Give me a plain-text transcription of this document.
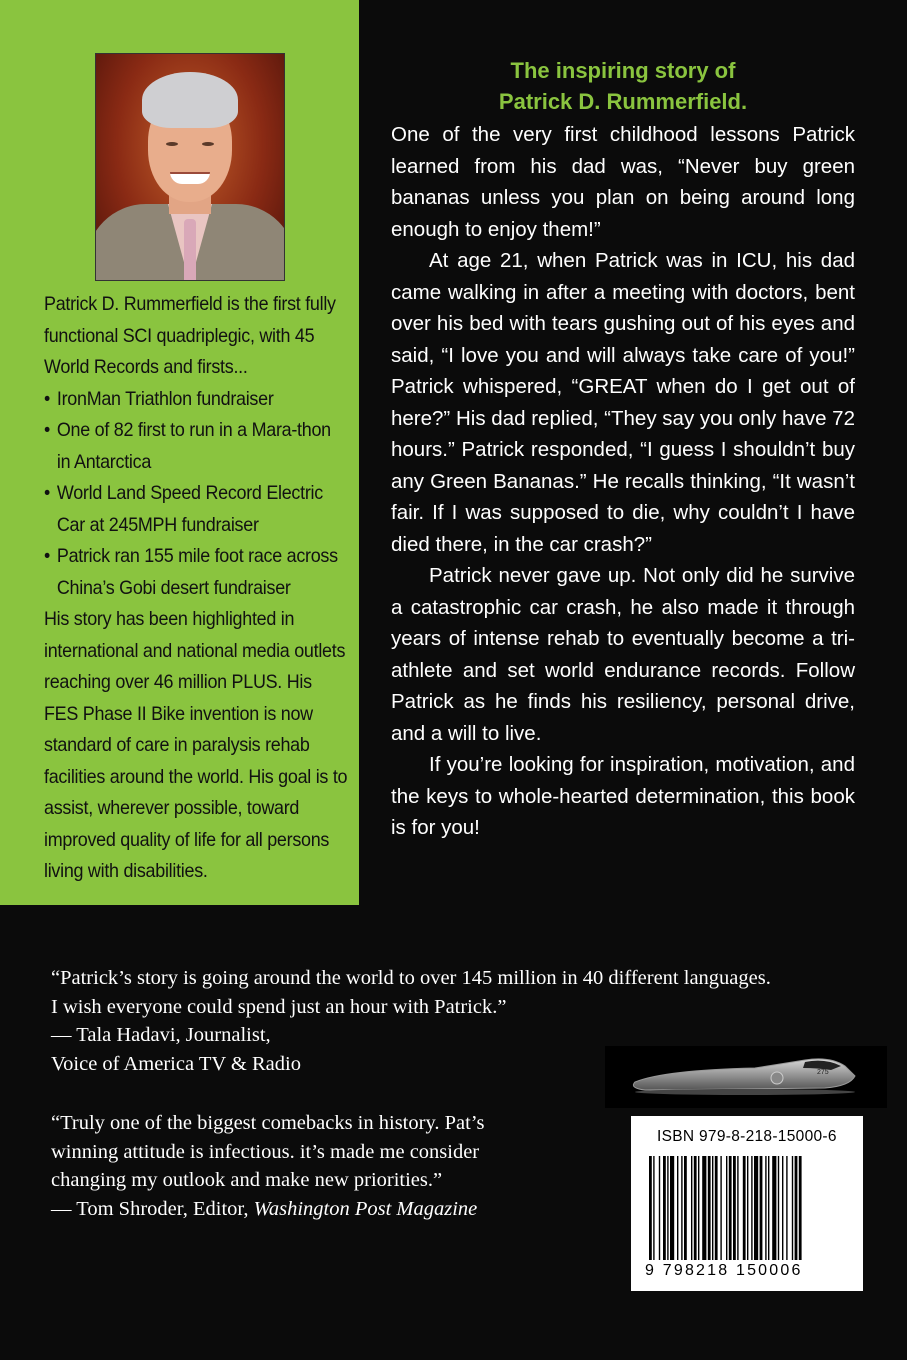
Patrick D. Rummerfield is the first fully functional SCI quadriplegic, with 45 World Records and firsts...

• IronMan Triathlon fundraiser
• One of 82 first to run in a Mara-thon in Antarctica
• World Land Speed Record Electric Car at 245MPH fundraiser
• Patrick ran 155 mile foot race across China’s Gobi desert fundraiser

His story has been highlighted in international and national media outlets reaching over 46 million PLUS. His FES Phase II Bike invention is now standard of care in paralysis rehab facilities around the world. His goal is to assist, wherever possible, toward improved quality of life for all persons living with disabilities.

The inspiring story of
Patrick D. Rummerfield.

One of the very first childhood lessons Patrick learned from his dad was, “Never buy green bananas unless you plan on being around long enough to enjoy them!”

At age 21, when Patrick was in ICU, his dad came walking in after a meeting with doctors, bent over his bed with tears gushing out of his eyes and said, “I love you and will always take care of you!” Patrick whispered, “GREAT when do I get out of here?” His dad replied, “They say you only have 72 hours.” Patrick responded, “I guess I shouldn’t buy any Green Bananas.” He recalls thinking, “It wasn’t fair. If I was supposed to die, why couldn’t I have died there, in the car crash?”

Patrick never gave up. Not only did he survive a catastrophic car crash, he also made it through years of intense rehab to eventually become a tri-athlete and set world endurance records. Follow Patrick as he finds his resiliency, personal drive, and a will to live.

If you’re looking for inspiration, motivation, and the keys to whole-hearted determination, this book is for you!

“Patrick’s story is going around the world to over 145 million in 40 different languages.

I wish everyone could spend just an hour with Patrick.”

— Tala Hadavi, Journalist,

Voice of America TV & Radio

“Truly one of the biggest comebacks in history. Pat’s

winning attitude is infectious. it’s made me consider

changing my outlook and make new priorities.”

— Tom Shroder, Editor, Washington Post Magazine

275
ISBN 979-8-218-15000-6
9 798218 150006
